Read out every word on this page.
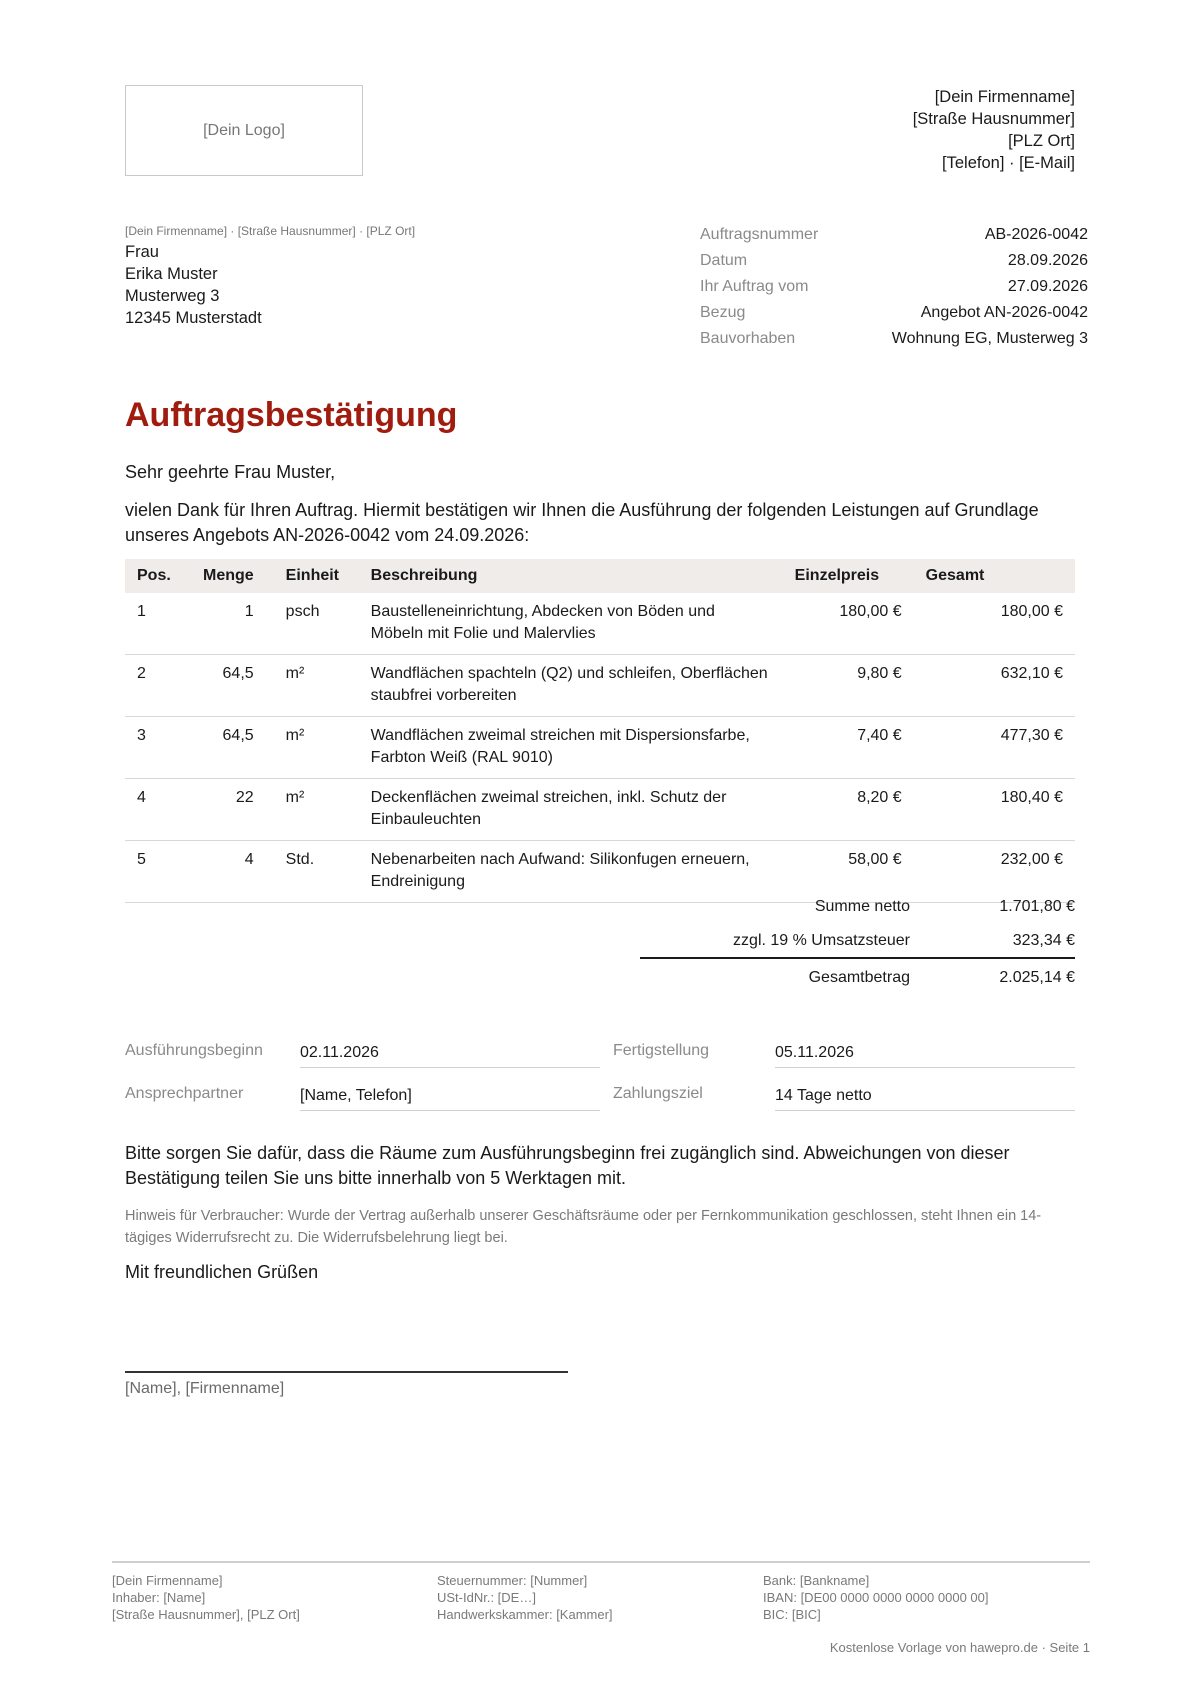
[Dein Logo]
[Dein Firmenname]
[Straße Hausnummer]
[PLZ Ort]
[Telefon] · [E-Mail]
[Dein Firmenname] · [Straße Hausnummer] · [PLZ Ort]
Frau
Erika Muster
Musterweg 3
12345 Musterstadt
Auftragsnummer	AB-2026-0042
Datum	28.09.2026
Ihr Auftrag vom	27.09.2026
Bezug	Angebot AN-2026-0042
Bauvorhaben	Wohnung EG, Musterweg 3
Auftragsbestätigung
Sehr geehrte Frau Muster,
vielen Dank für Ihren Auftrag. Hiermit bestätigen wir Ihnen die Ausführung der folgenden Leistungen auf Grundlage unseres Angebots AN-2026-0042 vom 24.09.2026:
Pos.	Menge	Einheit	Beschreibung	Einzelpreis	Gesamt
1	1	psch	Baustelleneinrichtung, Abdecken von Böden und Möbeln mit Folie und Malervlies	180,00 €	180,00 €
2	64,5	m²	Wandflächen spachteln (Q2) und schleifen, Oberflächen staubfrei vorbereiten	9,80 €	632,10 €
3	64,5	m²	Wandflächen zweimal streichen mit Dispersionsfarbe, Farbton Weiß (RAL 9010)	7,40 €	477,30 €
4	22	m²	Deckenflächen zweimal streichen, inkl. Schutz der Einbauleuchten	8,20 €	180,40 €
5	4	Std.	Nebenarbeiten nach Aufwand: Silikonfugen erneuern, Endreinigung	58,00 €	232,00 €
Summe netto	1.701,80 €
zzgl. 19 % Umsatzsteuer	323,34 €
Gesamtbetrag	2.025,14 €
Ausführungsbeginn	02.11.2026	Fertigstellung	05.11.2026
Ansprechpartner	[Name, Telefon]	Zahlungsziel	14 Tage netto
Bitte sorgen Sie dafür, dass die Räume zum Ausführungsbeginn frei zugänglich sind. Abweichungen von dieser Bestätigung teilen Sie uns bitte innerhalb von 5 Werktagen mit.
Hinweis für Verbraucher: Wurde der Vertrag außerhalb unserer Geschäftsräume oder per Fernkommunikation geschlossen, steht Ihnen ein 14-tägiges Widerrufsrecht zu. Die Widerrufsbelehrung liegt bei.
Mit freundlichen Grüßen
[Name], [Firmenname]
[Dein Firmenname]
Inhaber: [Name]
[Straße Hausnummer], [PLZ Ort]
Steuernummer: [Nummer]
USt-IdNr.: [DE…]
Handwerkskammer: [Kammer]
Bank: [Bankname]
IBAN: [DE00 0000 0000 0000 0000 00]
BIC: [BIC]
Kostenlose Vorlage von hawepro.de · Seite 1
